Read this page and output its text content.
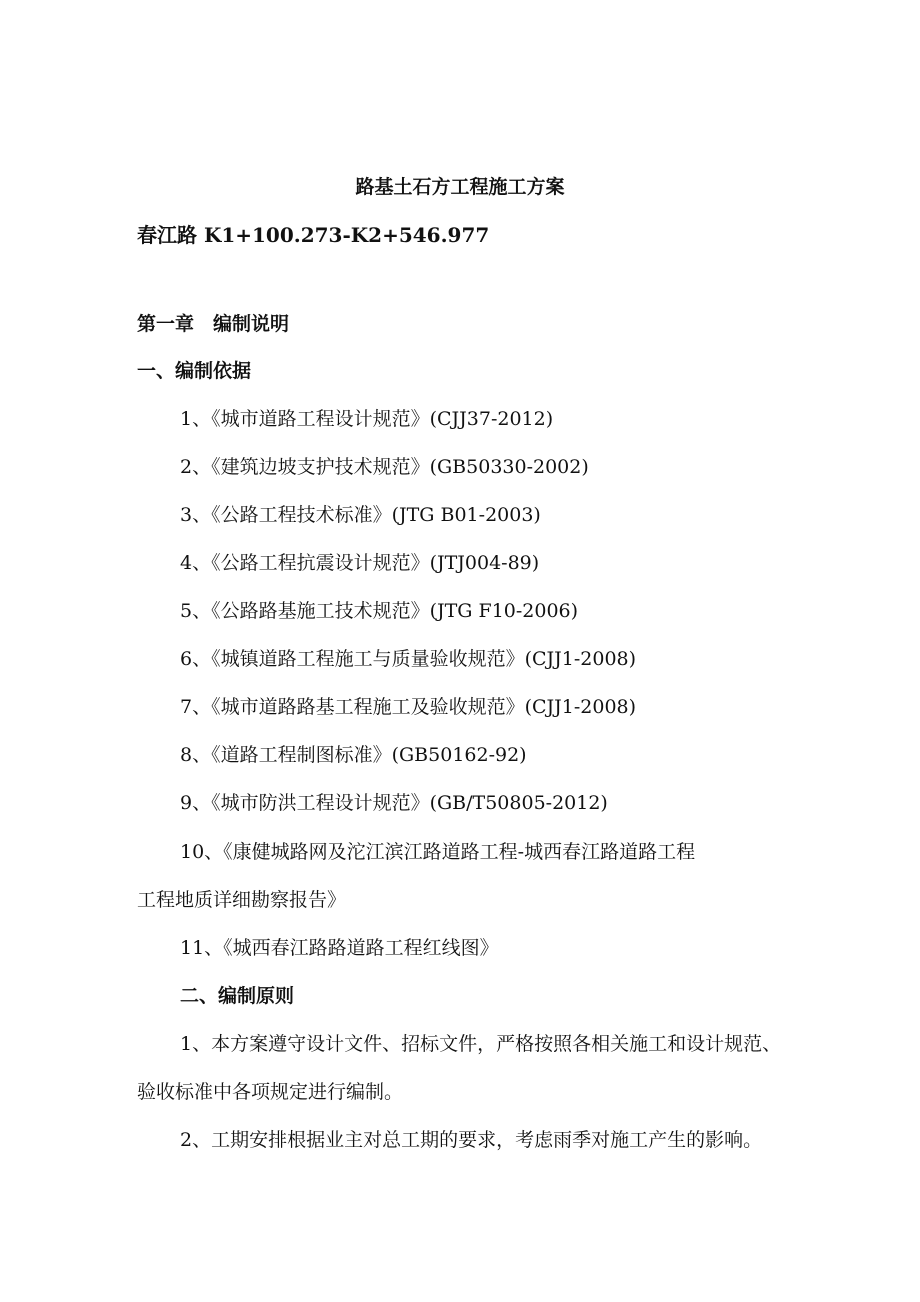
路基土石方工程施工方案
春江路 K1+100.273-K2+546.977
第一章　编制说明
一、编制依据
1、《城市道路工程设计规范》(CJJ37-2012)
2、《建筑边坡支护技术规范》(GB50330-2002)
3、《公路工程技术标准》(JTG B01-2003)
4、《公路工程抗震设计规范》(JTJ004-89)
5、《公路路基施工技术规范》(JTG F10-2006)
6、《城镇道路工程施工与质量验收规范》(CJJ1-2008)
7、《城市道路路基工程施工及验收规范》(CJJ1-2008)
8、《道路工程制图标准》(GB50162-92)
9、《城市防洪工程设计规范》(GB/T50805-2012)
10、《康健城路网及沱江滨江路道路工程-城西春江路道路工程
工程地质详细勘察报告》
11、《城西春江路路道路工程红线图》
二、编制原则
1、本方案遵守设计文件、招标文件，严格按照各相关施工和设计规范、
验收标准中各项规定进行编制。
2、工期安排根据业主对总工期的要求，考虑雨季对施工产生的影响。
